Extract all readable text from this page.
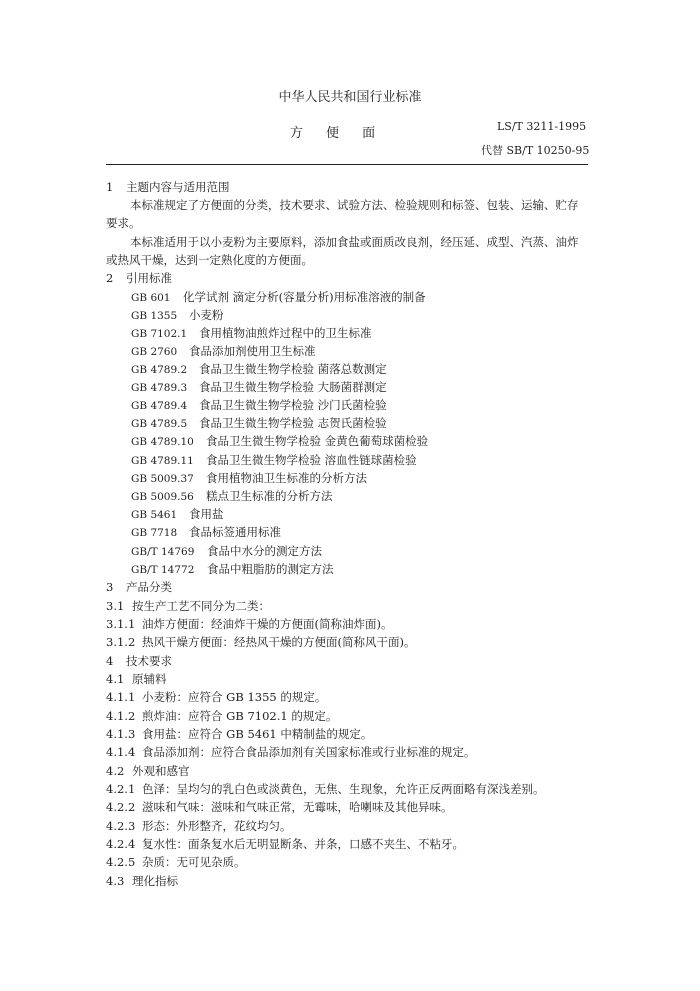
中华人民共和国行业标准
方  便  面	LS/T 3211-1995
代替 SB/T 10250-95
1 主题内容与适用范围
本标准规定了方便面的分类，技术要求、试验方法、检验规则和标签、包装、运输、贮存要求。
本标准适用于以小麦粉为主要原料，添加食盐或面质改良剂，经压延、成型、汽蒸、油炸或热风干燥，达到一定熟化度的方便面。
2 引用标准
GB 601 化学试剂 滴定分析(容量分析)用标准溶液的制备
GB 1355 小麦粉
GB 7102.1 食用植物油煎炸过程中的卫生标准
GB 2760 食品添加剂使用卫生标准
GB 4789.2 食品卫生微生物学检验 菌落总数测定
GB 4789.3 食品卫生微生物学检验 大肠菌群测定
GB 4789.4 食品卫生微生物学检验 沙门氏菌检验
GB 4789.5 食品卫生微生物学检验 志贺氏菌检验
GB 4789.10 食品卫生微生物学检验 金黄色葡萄球菌检验
GB 4789.11 食品卫生微生物学检验 溶血性链球菌检验
GB 5009.37 食用植物油卫生标准的分析方法
GB 5009.56 糕点卫生标准的分析方法
GB 5461 食用盐
GB 7718 食品标签通用标准
GB/T 14769 食品中水分的测定方法
GB/T 14772 食品中粗脂肪的测定方法
3 产品分类
3.1 按生产工艺不同分为二类：
3.1.1 油炸方便面：经油炸干燥的方便面(简称油炸面)。
3.1.2 热风干燥方便面：经热风干燥的方便面(简称风干面)。
4 技术要求
4.1 原辅料
4.1.1 小麦粉：应符合 GB 1355 的规定。
4.1.2 煎炸油：应符合 GB 7102.1 的规定。
4.1.3 食用盐：应符合 GB 5461 中精制盐的规定。
4.1.4 食品添加剂：应符合食品添加剂有关国家标准或行业标准的规定。
4.2 外观和感官
4.2.1 色泽：呈均匀的乳白色或淡黄色，无焦、生现象，允许正反两面略有深浅差别。
4.2.2 滋味和气味：滋味和气味正常，无霉味，哈喇味及其他异味。
4.2.3 形态：外形整齐，花纹均匀。
4.2.4 复水性：面条复水后无明显断条、并条，口感不夹生、不粘牙。
4.2.5 杂质：无可见杂质。
4.3 理化指标
